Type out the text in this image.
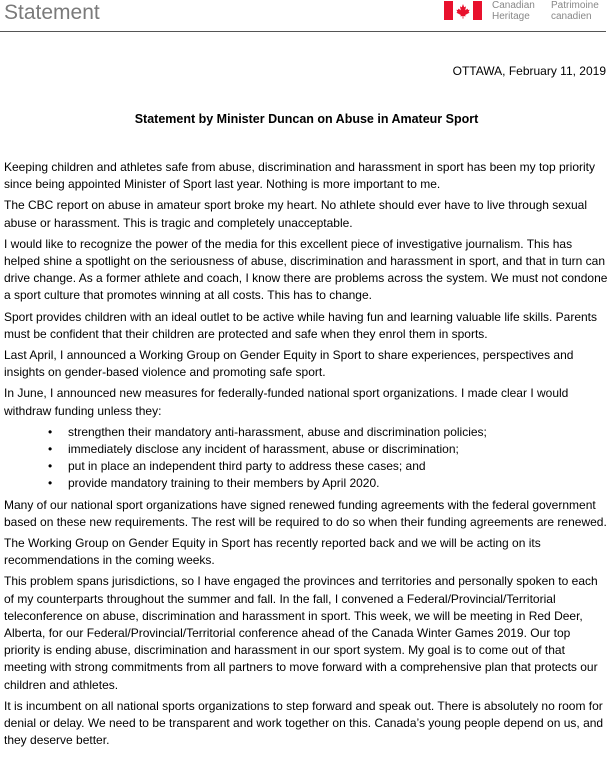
Statement	Canadian
Heritage
Patrimoine
canadien
OTTAWA, February 11, 2019
Statement by Minister Duncan on Abuse in Amateur Sport

Keeping children and athletes safe from abuse, discrimination and harassment in sport has been my top priority since being appointed Minister of Sport last year. Nothing is more important to me.

The CBC report on abuse in amateur sport broke my heart. No athlete should ever have to live through sexual abuse or harassment. This is tragic and completely unacceptable.

I would like to recognize the power of the media for this excellent piece of investigative journalism. This has helped shine a spotlight on the seriousness of abuse, discrimination and harassment in sport, and that in turn can drive change. As a former athlete and coach, I know there are problems across the system. We must not condone a sport culture that promotes winning at all costs. This has to change.

Sport provides children with an ideal outlet to be active while having fun and learning valuable life skills. Parents must be confident that their children are protected and safe when they enrol them in sports.

Last April, I announced a Working Group on Gender Equity in Sport to share experiences, perspectives and insights on gender-based violence and promoting safe sport.

In June, I announced new measures for federally-funded national sport organizations. I made clear I would withdraw funding unless they:

• strengthen their mandatory anti-harassment, abuse and discrimination policies;
• immediately disclose any incident of harassment, abuse or discrimination;
• put in place an independent third party to address these cases; and
• provide mandatory training to their members by April 2020.

Many of our national sport organizations have signed renewed funding agreements with the federal government based on these new requirements. The rest will be required to do so when their funding agreements are renewed.

The Working Group on Gender Equity in Sport has recently reported back and we will be acting on its recommendations in the coming weeks.

This problem spans jurisdictions, so I have engaged the provinces and territories and personally spoken to each of my counterparts throughout the summer and fall. In the fall, I convened a Federal/Provincial/Territorial teleconference on abuse, discrimination and harassment in sport. This week, we will be meeting in Red Deer, Alberta, for our Federal/Provincial/Territorial conference ahead of the Canada Winter Games 2019. Our top priority is ending abuse, discrimination and harassment in our sport system. My goal is to come out of that meeting with strong commitments from all partners to move forward with a comprehensive plan that protects our children and athletes.

It is incumbent on all national sports organizations to step forward and speak out. There is absolutely no room for denial or delay. We need to be transparent and work together on this. Canada’s young people depend on us, and they deserve better.
